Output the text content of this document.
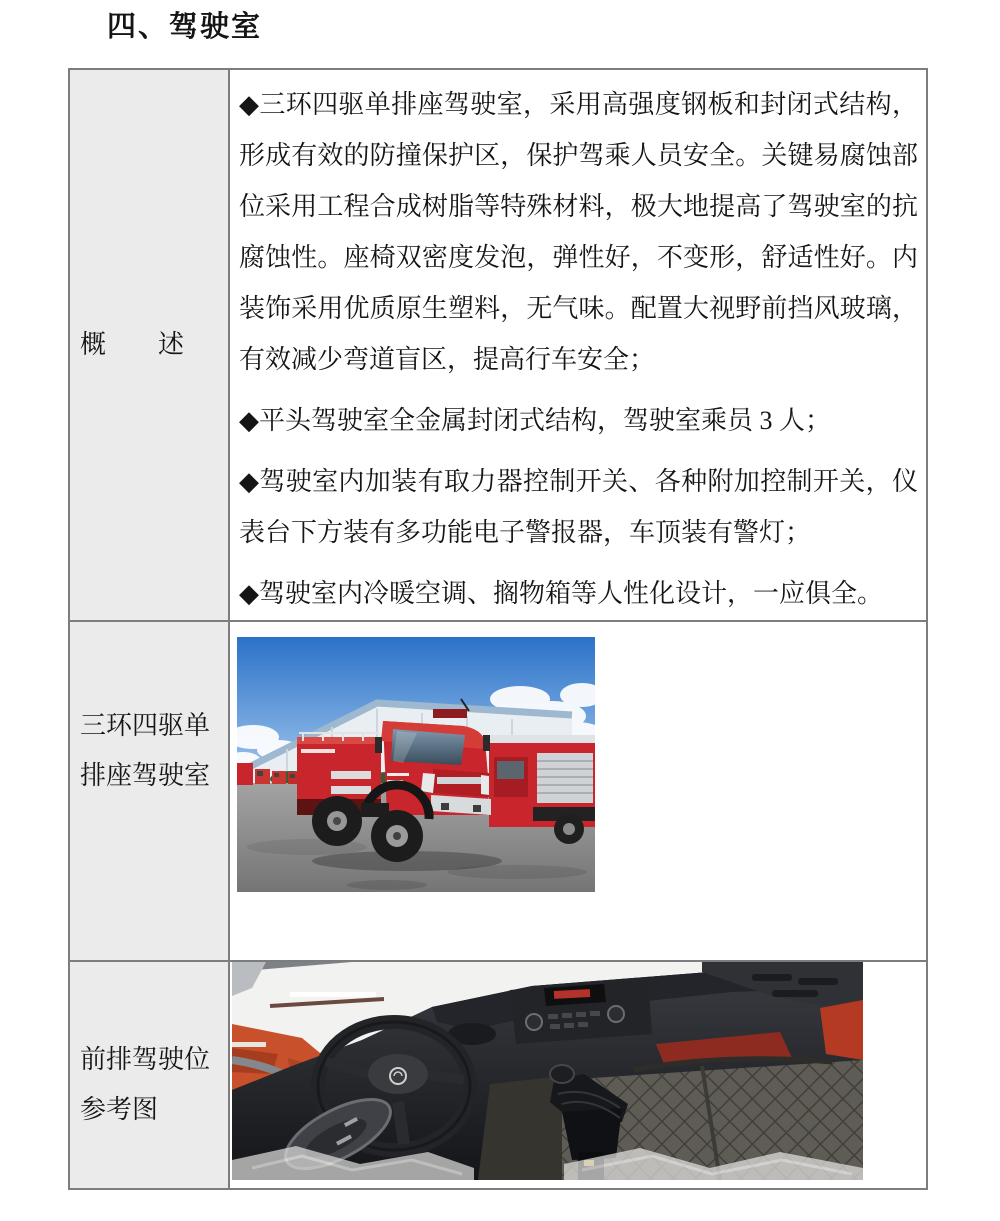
四、驾驶室
概　　述

◆三环四驱单排座驾驶室，采用高强度钢板和封闭式结构，形成有效的防撞保护区，保护驾乘人员安全。关键易腐蚀部位采用工程合成树脂等特殊材料，极大地提高了驾驶室的抗腐蚀性。座椅双密度发泡，弹性好，不变形，舒适性好。内装饰采用优质原生塑料，无气味。配置大视野前挡风玻璃，有效减少弯道盲区，提高行车安全；

◆平头驾驶室全金属封闭式结构，驾驶室乘员 3 人；

◆驾驶室内加装有取力器控制开关、各种附加控制开关，仪表台下方装有多功能电子警报器，车顶装有警灯；

◆驾驶室内冷暖空调、搁物箱等人性化设计，一应俱全。

三环四驱单
排座驾驶室
前排驾驶位
参考图
